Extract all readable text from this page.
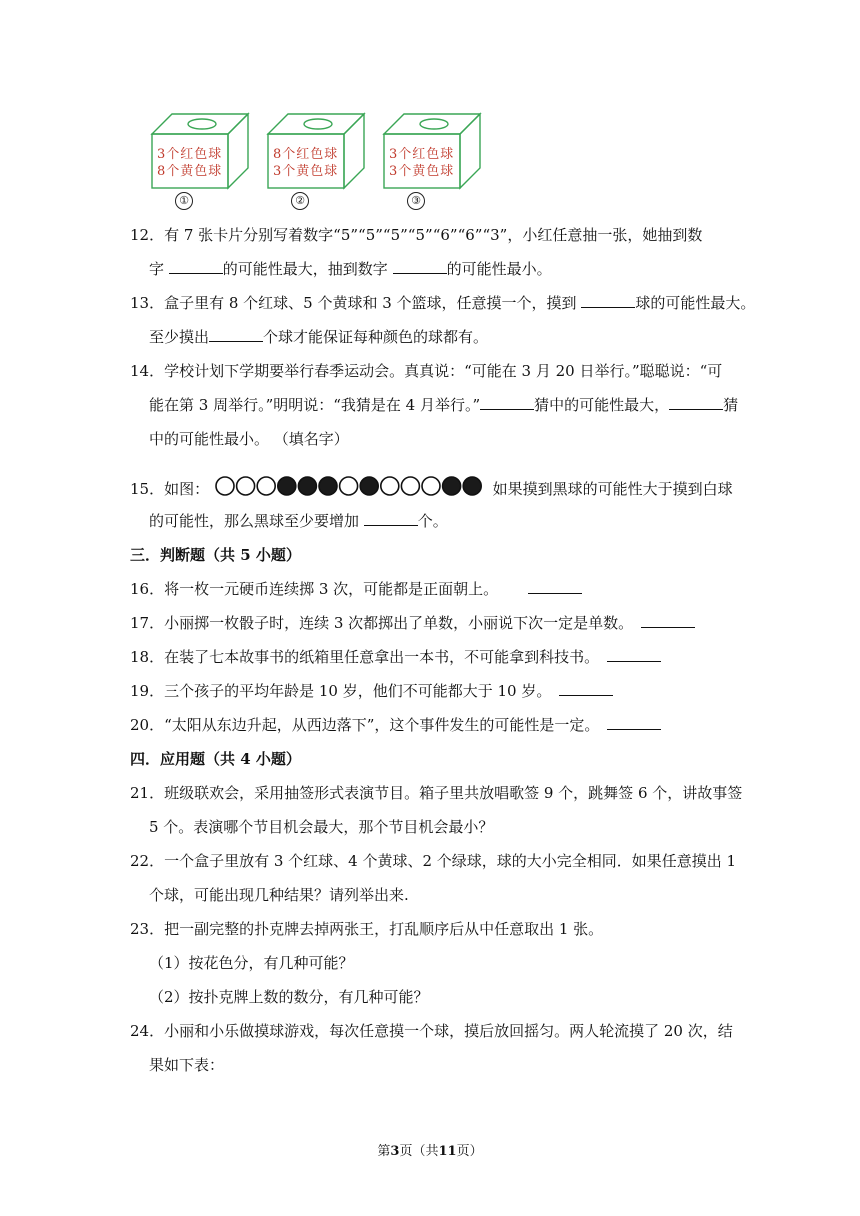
3个红色球
8个黄色球
①
8个红色球
3个黄色球
②
3个红色球
3个黄色球
③
12．有 7 张卡片分别写着数字“5”“5”“5”“5”“6”“6”“3”，小红任意抽一张，她抽到数
字	的可能性最大，抽到数字	的可能性最小。
13．盒子里有 8 个红球、5 个黄球和 3 个篮球，任意摸一个，摸到	球的可能性最大。
至少摸出	个球才能保证每种颜色的球都有。
14．学校计划下学期要举行春季运动会。真真说：“可能在 3 月 20 日举行。”聪聪说：“可
能在第 3 周举行。”明明说：“我猜是在 4 月举行。”	猜中的可能性最大，	猜
中的可能性最小。 （填名字）
15．如图：	如果摸到黑球的可能性大于摸到白球
的可能性，那么黑球至少要增加	个。
三．判断题（共 5 小题）
16．将一枚一元硬币连续掷 3 次，可能都是正面朝上。
17．小丽掷一枚骰子时，连续 3 次都掷出了单数，小丽说下次一定是单数。
18．在装了七本故事书的纸箱里任意拿出一本书，不可能拿到科技书。
19．三个孩子的平均年龄是 10 岁，他们不可能都大于 10 岁。
20．“太阳从东边升起，从西边落下”，这个事件发生的可能性是一定。
四．应用题（共 4 小题）
21．班级联欢会，采用抽签形式表演节目。箱子里共放唱歌签 9 个，跳舞签 6 个，讲故事签
5 个。表演哪个节目机会最大，那个节目机会最小？
22．一个盒子里放有 3 个红球、4 个黄球、2 个绿球，球的大小完全相同．如果任意摸出 1
个球，可能出现几种结果？请列举出来.
23．把一副完整的扑克牌去掉两张王，打乱顺序后从中任意取出 1 张。
（1）按花色分，有几种可能？
（2）按扑克牌上数的数分，有几种可能？
24．小丽和小乐做摸球游戏，每次任意摸一个球，摸后放回摇匀。两人轮流摸了 20 次，结
果如下表：
第3页（共11页）
